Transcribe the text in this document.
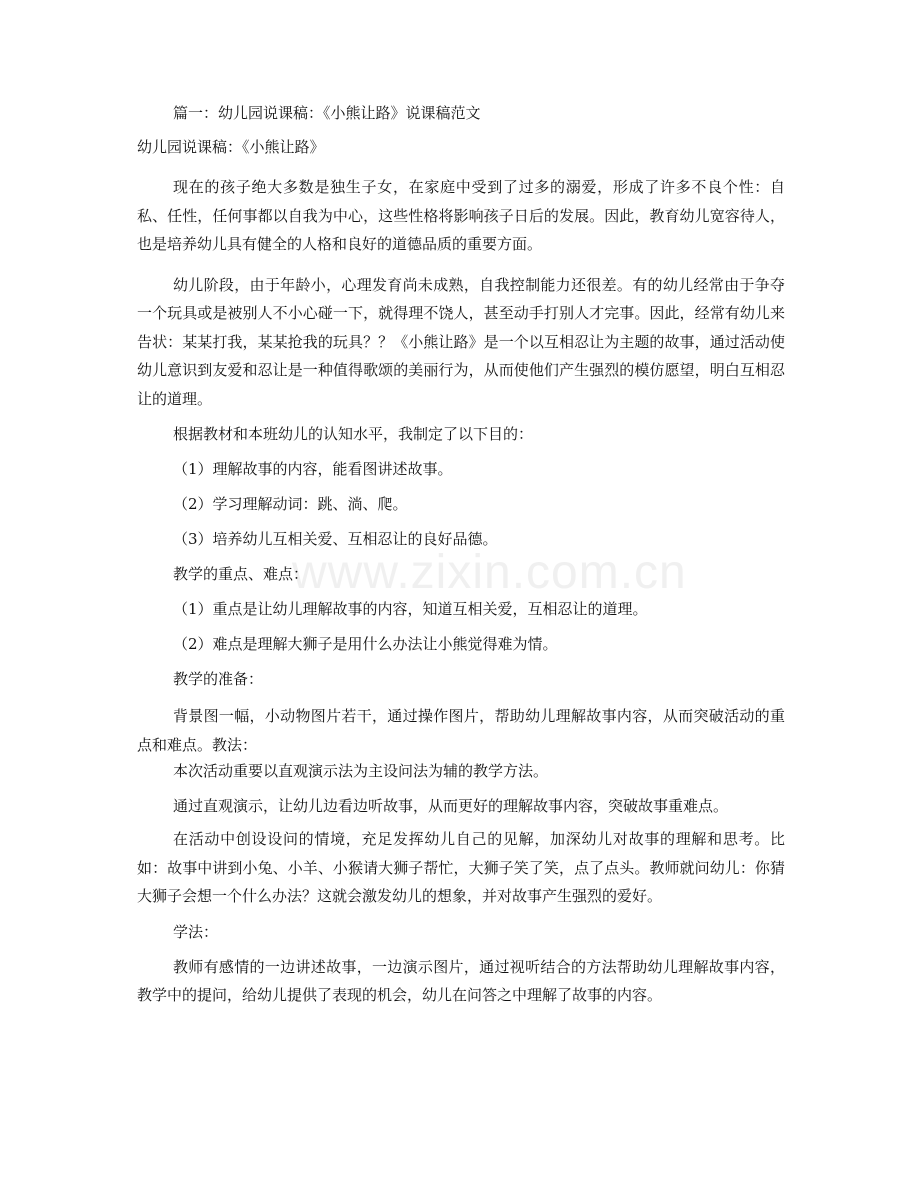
www.zixin.com.cn

篇一：幼儿园说课稿：《小熊让路》说课稿范文

幼儿园说课稿：《小熊让路》

现在的孩子绝大多数是独生子女，在家庭中受到了过多的溺爱，形成了许多不良个性：自私、任性，任何事都以自我为中心，这些性格将影响孩子日后的发展。因此，教育幼儿宽容待人，也是培养幼儿具有健全的人格和良好的道德品质的重要方面。

幼儿阶段，由于年龄小，心理发育尚未成熟，自我控制能力还很差。有的幼儿经常由于争夺一个玩具或是被别人不小心碰一下，就得理不饶人，甚至动手打别人才完事。因此，经常有幼儿来告状：某某打我，某某抢我的玩具？？《小熊让路》是一个以互相忍让为主题的故事，通过活动使幼儿意识到友爱和忍让是一种值得歌颂的美丽行为，从而使他们产生强烈的模仿愿望，明白互相忍让的道理。

根据教材和本班幼儿的认知水平，我制定了以下目的：

（1）理解故事的内容，能看图讲述故事。

（2）学习理解动词：跳、淌、爬。

（3）培养幼儿互相关爱、互相忍让的良好品德。

教学的重点、难点：

（1）重点是让幼儿理解故事的内容，知道互相关爱，互相忍让的道理。

（2）难点是理解大狮子是用什么办法让小熊觉得难为情。

教学的准备：

背景图一幅，小动物图片若干，通过操作图片，帮助幼儿理解故事内容，从而突破活动的重点和难点。教法：

本次活动重要以直观演示法为主设问法为辅的教学方法。

通过直观演示，让幼儿边看边听故事，从而更好的理解故事内容，突破故事重难点。

在活动中创设设问的情境，充足发挥幼儿自己的见解，加深幼儿对故事的理解和思考。比如：故事中讲到小兔、小羊、小猴请大狮子帮忙，大狮子笑了笑，点了点头。教师就问幼儿：你猜大狮子会想一个什么办法？这就会激发幼儿的想象，并对故事产生强烈的爱好。

学法：

教师有感情的一边讲述故事，一边演示图片，通过视听结合的方法帮助幼儿理解故事内容，教学中的提问，给幼儿提供了表现的机会，幼儿在问答之中理解了故事的内容。
